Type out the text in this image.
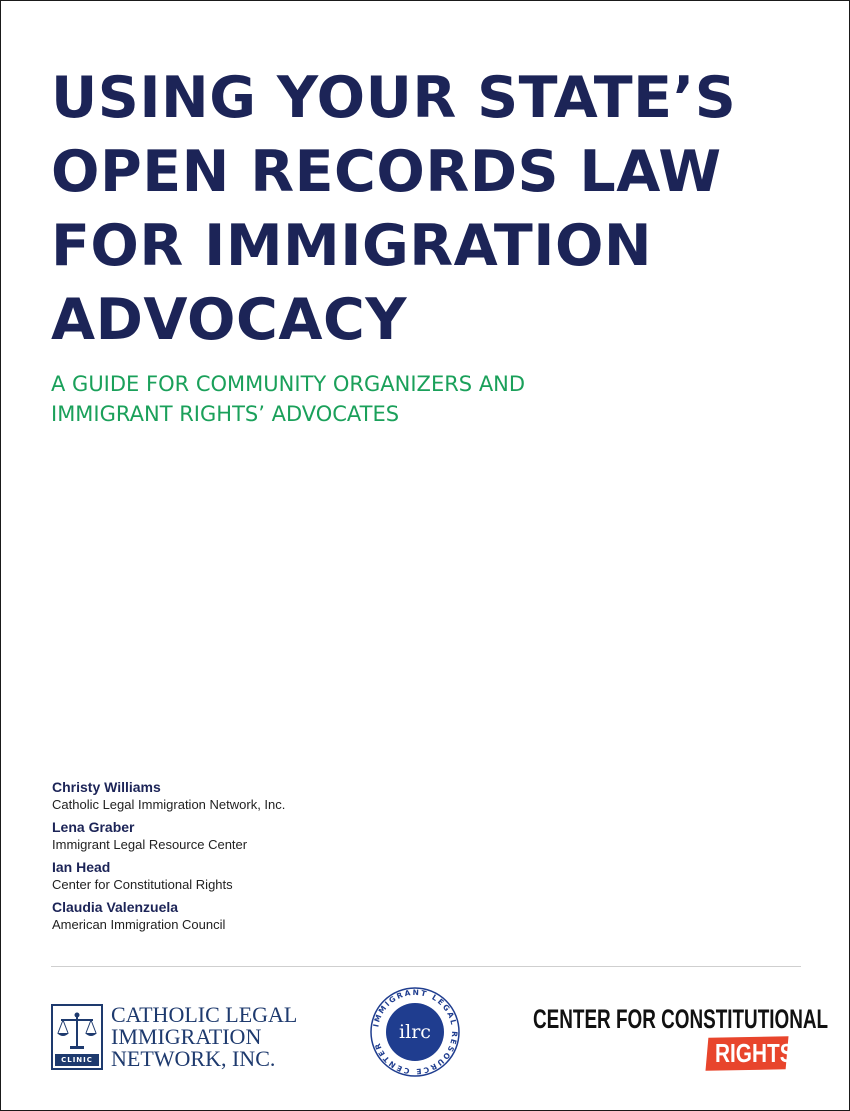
USING YOUR STATE’S
OPEN RECORDS LAW
FOR IMMIGRATION
ADVOCACY
A GUIDE FOR COMMUNITY ORGANIZERS AND
IMMIGRANT RIGHTS’ ADVOCATES
Christy Williams
Catholic Legal Immigration Network, Inc.
Lena Graber
Immigrant Legal Resource Center
Ian Head
Center for Constitutional Rights
Claudia Valenzuela
American Immigration Council
CLINIC
CATHOLIC LEGAL
IMMIGRATION
NETWORK, INC.
IMMIGRANT LEGAL RESOURCE CENTER
ilrc	CENTER FOR CONSTITUTIONAL
RIGHTS
